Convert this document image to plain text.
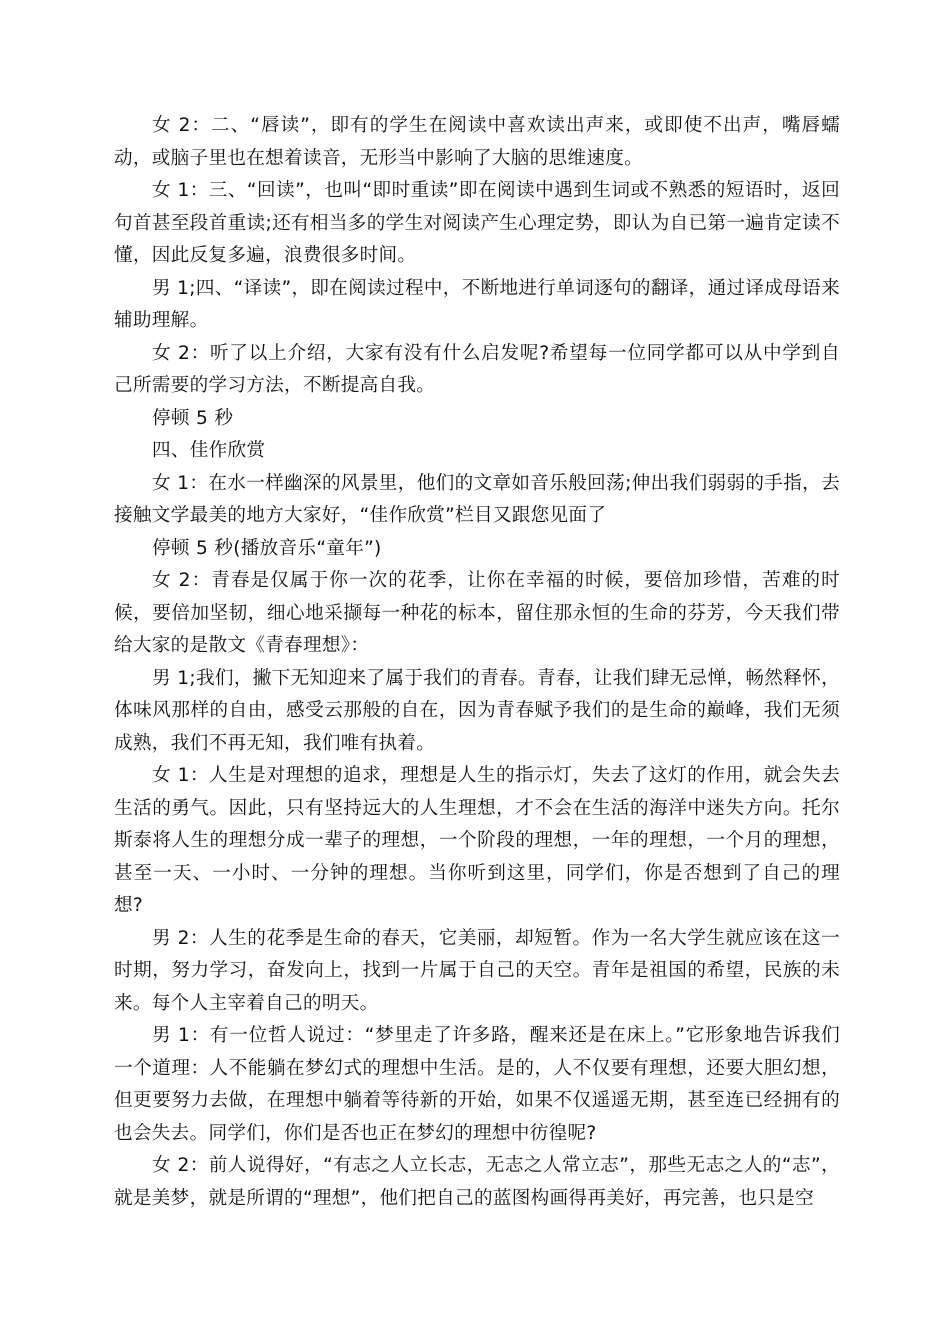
女 2：二、“唇读”，即有的学生在阅读中喜欢读出声来，或即使不出声，嘴唇蠕动，或脑子里也在想着读音，无形当中影响了大脑的思维速度。

女 1：三、“回读”，也叫“即时重读”即在阅读中遇到生词或不熟悉的短语时，返回句首甚至段首重读;还有相当多的学生对阅读产生心理定势，即认为自已第一遍肯定读不懂，因此反复多遍，浪费很多时间。

男 1;四、“译读”，即在阅读过程中，不断地进行单词逐句的翻译，通过译成母语来辅助理解。

女 2：听了以上介绍，大家有没有什么启发呢?希望每一位同学都可以从中学到自己所需要的学习方法，不断提高自我。

停顿 5 秒

四、佳作欣赏

女 1：在水一样幽深的风景里，他们的文章如音乐般回荡;伸出我们弱弱的手指，去接触文学最美的地方大家好，“佳作欣赏”栏目又跟您见面了

停顿 5 秒(播放音乐“童年”)

女 2：青春是仅属于你一次的花季，让你在幸福的时候，要倍加珍惜，苦难的时候，要倍加坚韧，细心地采撷每一种花的标本，留住那永恒的生命的芬芳，今天我们带给大家的是散文《青春理想》：

男 1;我们，撇下无知迎来了属于我们的青春。青春，让我们肆无忌惮，畅然释怀，体味风那样的自由，感受云那般的自在，因为青春赋予我们的是生命的巅峰，我们无须成熟，我们不再无知，我们唯有执着。

女 1：人生是对理想的追求，理想是人生的指示灯，失去了这灯的作用，就会失去生活的勇气。因此，只有坚持远大的人生理想，才不会在生活的海洋中迷失方向。托尔斯泰将人生的理想分成一辈子的理想，一个阶段的理想，一年的理想，一个月的理想，甚至一天、一小时、一分钟的理想。当你听到这里，同学们，你是否想到了自己的理想?

男 2：人生的花季是生命的春天，它美丽，却短暂。作为一名大学生就应该在这一时期，努力学习，奋发向上，找到一片属于自己的天空。青年是祖国的希望，民族的未来。每个人主宰着自己的明天。

男 1：有一位哲人说过：“梦里走了许多路，醒来还是在床上。”它形象地告诉我们一个道理：人不能躺在梦幻式的理想中生活。是的，人不仅要有理想，还要大胆幻想，但更要努力去做，在理想中躺着等待新的开始，如果不仅遥遥无期，甚至连已经拥有的也会失去。同学们，你们是否也正在梦幻的理想中彷徨呢?

女 2：前人说得好，“有志之人立长志，无志之人常立志”，那些无志之人的“志”，就是美梦，就是所谓的“理想”，他们把自己的蓝图构画得再美好，再完善，也只是空
